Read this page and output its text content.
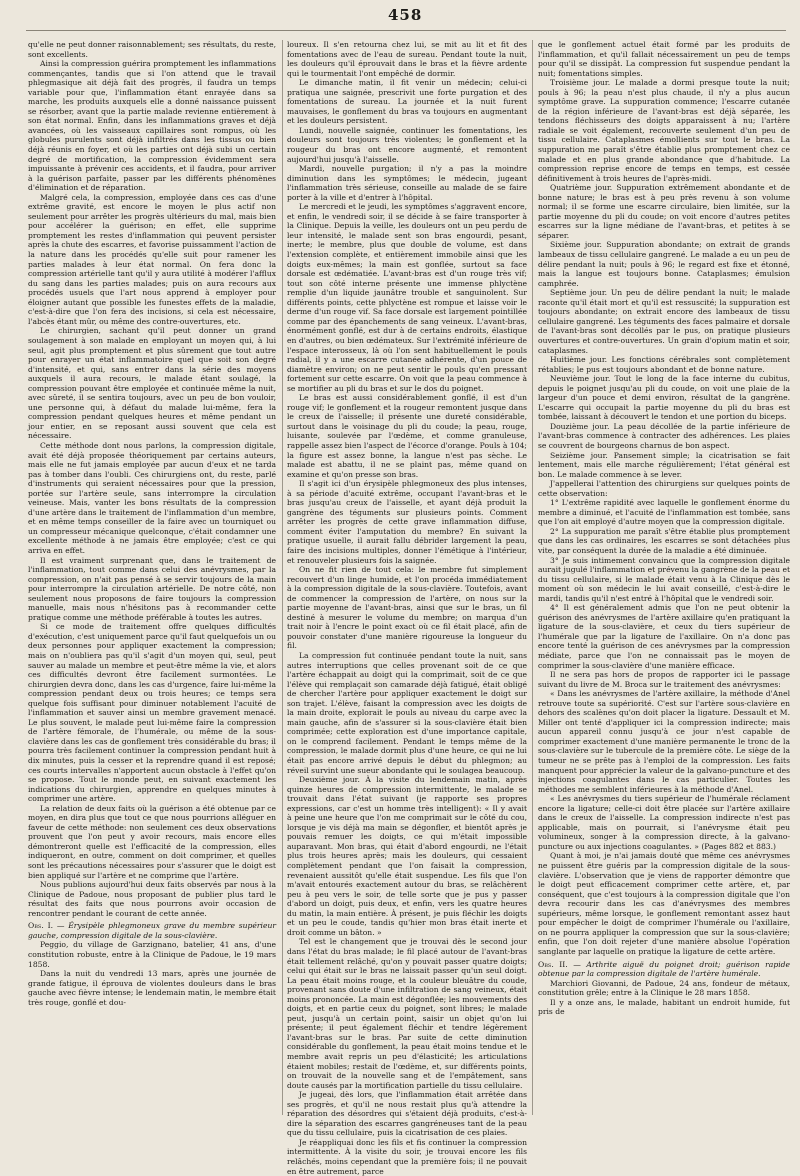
458

qu'elle ne peut donner raisonnablement; ses résultats, du reste, sont excellents.

Ainsi la compression guérira promptement les inflammations commençantes, tandis que si l'on attend que le travail phlegmasique ait déjà fait des progrès, il faudra un temps variable pour que, l'inflammation étant enrayée dans sa marche, les produits auxquels elle a donné naissance puissent se résorber, avant que la partie malade revienne entièrement à son état normal. Enfin, dans les inflammations graves et déjà avancées, où les vaisseaux capillaires sont rompus, où les globules purulents sont déjà infiltrés dans les tissus ou bien déjà réunis en foyer, et où les parties ont déjà subi un certain degré de mortification, la compression évidemment sera impuissante à prévenir ces accidents, et il faudra, pour arriver à la guérison parfaite, passer par les différents phénomènes d'élimination et de réparation.

Malgré cela, la compression, employée dans ces cas d'une extrême gravité, est encore le moyen le plus actif non seulement pour arrêter les progrès ultérieurs du mal, mais bien pour accélérer la guérison; en effet, elle supprime promptement les restes d'inflammation qui peuvent persister après la chute des escarres, et favorise puissamment l'action de la nature dans les procédés qu'elle suit pour ramener les parties malades à leur état normal. On fera donc la compression artérielle tant qu'il y aura utilité à modérer l'afflux du sang dans les parties malades; puis on aura recours aux procédés usuels que l'art nous apprend à employer pour éloigner autant que possible les funestes effets de la maladie, c'est-à-dire que l'on fera des incisions, si cela est nécessaire, l'abcès étant mûr, ou même des contre-ouvertures, etc.

Le chirurgien, sachant qu'il peut donner un grand soulagement à son malade en employant un moyen qui, à lui seul, agit plus promptement et plus sûrement que tout autre pour enrayer un état inflammatoire quel que soit son degré d'intensité, et qui, sans entrer dans la série des moyens auxquels il aura recours, le malade étant soulagé, la compression pouvant être employée et continuée même la nuit, avec sûreté, il se sentira toujours, avec un peu de bon vouloir, une personne qui, à défaut du malade lui-même, fera la compression pendant quelques heures et même pendant un jour entier, en se reposant aussi souvent que cela est nécessaire.

Cette méthode dont nous parlons, la compression digitale, avait été déjà proposée théoriquement par certains auteurs, mais elle ne fut jamais employée par aucun d'eux et ne tarda pas à tomber dans l'oubli. Ces chirurgiens ont, du reste, parlé d'instruments qui seraient nécessaires pour que la pression, portée sur l'artère seule, sans interrompre la circulation veineuse. Mais, vanter les bons résultats de la compression d'une artère dans le traitement de l'inflammation d'un membre, et en même temps conseiller de la faire avec un tourniquet ou un compresseur mécanique quelconque, c'était condamner une excellente méthode à ne jamais être employée; c'est ce qui arriva en effet.

Il est vraiment surprenant que, dans le traitement de l'inflammation, tout comme dans celui des anévrysmes, par la compression, on n'ait pas pensé à se servir toujours de la main pour interrompre la circulation artérielle. De notre côté, non seulement nous proposons de faire toujours la compression manuelle, mais nous n'hésitons pas à recommander cette pratique comme une méthode préférable à toutes les autres.

Si ce mode de traitement offre quelques difficultés d'exécution, c'est uniquement parce qu'il faut quelquefois un ou deux personnes pour appliquer exactement la compression; mais on n'oubliera pas qu'il s'agit d'un moyen qui, seul, peut sauver au malade un membre et peut-être même la vie, et alors ces difficultés devront être facilement surmontées. Le chirurgien devra donc, dans les cas d'urgence, faire lui-même la compression pendant deux ou trois heures; ce temps sera quelque fois suffisant pour diminuer notablement l'acuité de l'inflammation et sauver ainsi un membre gravement menacé. Le plus souvent, le malade peut lui-même faire la compression de l'artère fémorale, de l'humérale, ou même de la sous-clavière dans les cas de gonflement très considérable du bras; il pourra très facilement continuer la compression pendant huit à dix minutes, puis la cesser et la reprendre quand il est reposé; ces courts intervalles n'apportent aucun obstacle à l'effet qu'on se propose. Tout le monde peut, en suivant exactement les indications du chirurgien, apprendre en quelques minutes à comprimer une artère.

La relation de deux faits où la guérison a été obtenue par ce moyen, en dira plus que tout ce que nous pourrions alléguer en faveur de cette méthode: non seulement ces deux observations prouvent que l'on peut y avoir recours, mais encore elles démontreront quelle est l'efficacité de la compression, elles indiqueront, en outre, comment on doit comprimer, et quelles sont les précautions nécessaires pour s'assurer que le doigt est bien appliqué sur l'artère et ne comprime que l'artère.

Nous publions aujourd'hui deux faits observés par nous à la Clinique de Padoue, nous proposant de publier plus tard le résultat des faits que nous pourrons avoir occasion de rencontrer pendant le courant de cette année.

Obs. I. — Érysipèle phlegmoneux grave du membre supérieur gauche, compression digitale de la sous-clavière.

Peggio, du village de Garzignano, batelier, 41 ans, d'une constitution robuste, entre à la Clinique de Padoue, le 19 mars 1858.

Dans la nuit du vendredi 13 mars, après une journée de grande fatigue, il éprouva de violentes douleurs dans le bras gauche avec fièvre intense; le lendemain matin, le membre était très rouge, gonflé et dou-

loureux. Il s'en retourna chez lui, se mit au lit et fit des fomentations avec de l'eau de sureau. Pendant toute la nuit, les douleurs qu'il éprouvait dans le bras et la fièvre ardente qui le tourmentait l'ont empêché de dormir.

Le dimanche matin, il fit venir un médecin; celui-ci pratiqua une saignée, prescrivit une forte purgation et des fomentations de sureau. La journée et la nuit furent mauvaises, le gonflement du bras va toujours en augmentant et les douleurs persistent.

Lundi, nouvelle saignée, continuer les fomentations, les douleurs sont toujours très violentes; le gonflement et la rougeur du bras ont encore augmenté, et remontent aujourd'hui jusqu'à l'aisselle.

Mardi, nouvelle purgation; il n'y a pas la moindre diminution dans les symptômes; le médecin, jugeant l'inflammation très sérieuse, conseille au malade de se faire porter à la ville et d'entrer à l'hôpital.

Le mercredi et le jeudi, les symptômes s'aggravent encore, et enfin, le vendredi soir, il se décide à se faire transporter à la Clinique. Depuis la veille, les douleurs ont un peu perdu de leur intensité, le malade sent son bras engourdi, pesant, inerte; le membre, plus que double de volume, est dans l'extension complète, et entièrement immobile ainsi que les doigts eux-mêmes; la main est gonflée, surtout sa face dorsale est œdématiée. L'avant-bras est d'un rouge très vif; tout son côté interne présente une immense phlyctène remplie d'un liquide jaunâtre trouble et sanguinolent. Sur différents points, cette phlyctène est rompue et laisse voir le derme d'un rouge vif. Sa face dorsale est largement pointillée comme par des épanchements de sang veineux. L'avant-bras, énormément gonflé, est dur à de certains endroits, élastique en d'autres, ou bien œdémateux. Sur l'extrémité inférieure de l'espace interosseux, là où l'on sent habituellement le pouls radial, il y a une escarre cutanée adhérente, d'un pouce de diamètre environ; on ne peut sentir le pouls qu'en pressant fortement sur cette escarre. On voit que la peau commence à se mortifier au pli du bras et sur le dos du poignet.

Le bras est aussi considérablement gonflé, il est d'un rouge vif; le gonflement et la rougeur remontent jusque dans le creux de l'aisselle; il présente une dureté considérable, surtout dans le voisinage du pli du coude; la peau, rouge, luisante, soulevée par l'œdème, et comme granuleuse, rappelle assez bien l'aspect de l'écorce d'orange. Pouls à 104; la figure est assez bonne, la langue n'est pas sèche. Le malade est abattu, il ne se plaint pas, même quand on examine et qu'on presse son bras.

Il s'agit ici d'un érysipèle phlegmoneux des plus intenses, à sa période d'acuité extrême, occupant l'avant-bras et le bras jusqu'au creux de l'aisselle, et ayant déjà produit la gangrène des téguments sur plusieurs points. Comment arrêter les progrès de cette grave inflammation diffuse, comment éviter l'amputation du membre? En suivant la pratique usuelle, il aurait fallu débrider largement la peau, faire des incisions multiples, donner l'émétique à l'intérieur, et renouveler plusieurs fois la saignée.

On ne fit rien de tout cela: le membre fut simplement recouvert d'un linge humide, et l'on procéda immédiatement à la compression digitale de la sous-clavière. Toutefois, avant de commencer la compression de l'artère, on nous sur la partie moyenne de l'avant-bras, ainsi que sur le bras, un fil destiné à mesurer le volume du membre; on marqua d'un trait noir à l'encre le point exact où ce fil était placé, afin de pouvoir constater d'une manière rigoureuse la longueur du fil.

La compression fut continuée pendant toute la nuit, sans autres interruptions que celles provenant soit de ce que l'artère échappait au doigt qui la comprimait, soit de ce que l'élève qui remplaçait son camarade déjà fatigué, était obligé de chercher l'artère pour appliquer exactement le doigt sur son trajet. L'élève, faisant la compression avec les doigts de la main droite, explorait le pouls au niveau du carpe avec la main gauche, afin de s'assurer si la sous-clavière était bien comprimée; cette exploration est d'une importance capitale, on le comprend facilement. Pendant le temps même de la compression, le malade dormit plus d'une heure, ce qui ne lui était pas encore arrivé depuis le début du phlegmon; au réveil survint une sueur abondante qui le soulagea beaucoup.

Deuxième jour. À la visite du lendemain matin, après quinze heures de compression intermittente, le malade se trouvait dans l'état suivant (je rapporte ses propres expressions, car c'est un homme très intelligent): « Il y avait à peine une heure que l'on me comprimait sur le côté du cou, lorsque je vis déjà ma main se dégonfler, et bientôt après je pouvais remuer les doigts, ce qui m'était impossible auparavant. Mon bras, qui était d'abord engourdi, ne l'était plus trois heures après; mais les douleurs, qui cessaient complètement pendant que l'on faisait la compression, revenaient aussitôt qu'elle était suspendue. Les fils que l'on m'avait entourés exactement autour du bras, se relâchèrent peu à peu vers le soir, de telle sorte que je pus y passer d'abord un doigt, puis deux, et enfin, vers les quatre heures du matin, la main entière. À présent, je puis fléchir les doigts et un peu le coude, tandis qu'hier mon bras était inerte et droit comme un bâton. »

Tel est le changement que je trouvai dès le second jour dans l'état du bras malade; le fil placé autour de l'avant-bras était tellement relâché, qu'on y pouvait passer quatre doigts; celui qui était sur le bras ne laissait passer qu'un seul doigt. La peau était moins rouge, et la couleur bleuâtre du coude, provenant sans doute d'une infiltration de sang veineux, était moins prononcée. La main est dégonflée; les mouvements des doigts, et en partie ceux du poignet, sont libres; le malade peut, jusqu'à un certain point, saisir un objet qu'on lui présente; il peut également fléchir et tendre légèrement l'avant-bras sur le bras. Par suite de cette diminution considérable du gonflement, la peau était moins tendue et le membre avait repris un peu d'élasticité; les articulations étaient mobiles; restait de l'œdème, et, sur différents points, on trouvait de la nouvelle sang et de l'empâtement, sans doute causés par la mortification partielle du tissu cellulaire.

Je jugeai, dès lors, que l'inflammation était arrêtée dans ses progrès, et qu'il ne nous restait plus qu'à attendre la réparation des désordres qui s'étaient déjà produits, c'est-à-dire la séparation des escarres gangréneuses tant de la peau que du tissu cellulaire, puis la cicatrisation de ces plaies.

Je réappliquai donc les fils et fis continuer la compression intermittente. À la visite du soir, je trouvai encore les fils relâchés, moins cependant que la première fois; il ne pouvait en être autrement, parce

que le gonflement actuel était formé par les produits de l'inflammation, et qu'il fallait nécessairement un peu de temps pour qu'il se dissipât. La compression fut suspendue pendant la nuit; fomentations simples.

Troisième jour. Le malade a dormi presque toute la nuit; pouls à 96; la peau n'est plus chaude, il n'y a plus aucun symptôme grave. La suppuration commence; l'escarre cutanée de la région inférieure de l'avant-bras est déjà séparée, les tendons fléchisseurs des doigts apparaissent à nu; l'artère radiale se voit également, recouverte seulement d'un peu de tissu cellulaire. Cataplasmes émollients sur tout le bras. La suppuration me paraît s'être établie plus promptement chez ce malade et en plus grande abondance que d'habitude. La compression reprise encore de temps en temps, est cessée définitivement à trois heures de l'après-midi.

Quatrième jour. Suppuration extrêmement abondante et de bonne nature; le bras est à peu près revenu à son volume normal; il se forme une escarre circulaire, bien limitée, sur la partie moyenne du pli du coude; on voit encore d'autres petites escarres sur la ligne médiane de l'avant-bras, et petites à se séparer.

Sixième jour. Suppuration abondante; on extrait de grands lambeaux de tissu cellulaire gangrené. Le malade a eu un peu de délire pendant la nuit; pouls à 96; le regard est fixe et étonné, mais la langue est toujours bonne. Cataplasmes; émulsion camphrée.

Septième jour. Un peu de délire pendant la nuit; le malade raconte qu'il était mort et qu'il est ressuscité; la suppuration est toujours abondante; on extrait encore des lambeaux de tissu cellulaire gangrené. Les téguments des faces palmaire et dorsale de l'avant-bras sont décollés par le pus, on pratique plusieurs ouvertures et contre-ouvertures. Un grain d'opium matin et soir, cataplasmes.

Huitième jour. Les fonctions cérébrales sont complètement rétablies; le pus est toujours abondant et de bonne nature.

Neuvième jour. Tout le long de la face interne du cubitus, depuis le poignet jusqu'au pli du coude, on voit une plaie de la largeur d'un pouce et demi environ, résultat de la gangrène. L'escarre qui occupait la partie moyenne du pli du bras est tombée, laissant à découvert le tendon et une portion du biceps.

Douzième jour. La peau décollée de la partie inférieure de l'avant-bras commence à contracter des adhérences. Les plaies se couvrent de bourgeons charnus de bon aspect.

Seizième jour. Pansement simple; la cicatrisation se fait lentement, mais elle marche régulièrement; l'état général est bon. Le malade commence à se lever.

J'appellerai l'attention des chirurgiens sur quelques points de cette observation:

1° L'extrême rapidité avec laquelle le gonflement énorme du membre a diminué, et l'acuité de l'inflammation est tombée, sans que l'on ait employé d'autre moyen que la compression digitale.

2° La suppuration me paraît s'être établie plus promptement que dans les cas ordinaires, les escarres se sont détachées plus vite, par conséquent la durée de la maladie a été diminuée.

3° Je suis intimement convaincu que la compression digitale aurait jugulé l'inflammation et prévenu la gangrène de la peau et du tissu cellulaire, si le malade était venu à la Clinique dès le moment où son médecin le lui avait conseillé, c'est-à-dire le mardi, tandis qu'il n'est entré à l'hôpital que le vendredi soir.

4° Il est généralement admis que l'on ne peut obtenir la guérison des anévrysmes de l'artère axillaire qu'en pratiquant la ligature de la sous-clavière, et ceux du tiers supérieur de l'humérale que par la ligature de l'axillaire. On n'a donc pas encore tenté la guérison de ces anévrysmes par la compression médiate, parce que l'on ne connaissait pas le moyen de comprimer la sous-clavière d'une manière efficace.

Il ne sera pas hors de propos de rapporter ici le passage suivant du livre de M. Broca sur le traitement des anévrysmes:

« Dans les anévrysmes de l'artère axillaire, la méthode d'Anel retrouve toute sa supériorité. C'est sur l'artère sous-clavière en dehors des scalènes qu'on doit placer la ligature. Dessault et M. Miller ont tenté d'appliquer ici la compression indirecte; mais aucun appareil connu jusqu'à ce jour n'est capable de comprimer exactement d'une manière permanente le tronc de la sous-clavière sur le tubercule de la première côte. Le siège de la tumeur ne se prête pas à l'emploi de la compression. Les faits manquent pour apprécier la valeur de la galvano-puncture et des injections coagulantes dans le cas particulier. Toutes les méthodes me semblent inférieures à la méthode d'Anel.

« Les anévrysmes du tiers supérieur de l'humérale réclament encore la ligature; celle-ci doit être placée sur l'artère axillaire dans le creux de l'aisselle. La compression indirecte n'est pas applicable, mais on pourrait, si l'anévrysme était peu volumineux, songer à la compression directe, à la galvano-puncture ou aux injections coagulantes. » (Pages 882 et 883.)

Quant à moi, je n'ai jamais douté que même ces anévrysmes ne puissent être guéris par la compression digitale de la sous-clavière. L'observation que je viens de rapporter démontre que le doigt peut efficacement comprimer cette artère, et, par conséquent, que c'est toujours à la compression digitale que l'on devra recourir dans les cas d'anévrysmes des membres supérieurs, même lorsque, le gonflement remontant assez haut pour empêcher le doigt de comprimer l'humérale ou l'axillaire, on ne pourra appliquer la compression que sur la sous-clavière; enfin, que l'on doit rejeter d'une manière absolue l'opération sanglante par laquelle on pratique la ligature de cette artère.

Obs. II. — Arthrite aiguë du poignet droit; guérison rapide obtenue par la compression digitale de l'artère humérale.

Marchiori Giovanni, de Padoue, 24 ans, fondeur de métaux, constitution grêle; entre à la Clinique le 28 mars 1858.

Il y a onze ans, le malade, habitant un endroit humide, fut pris de
